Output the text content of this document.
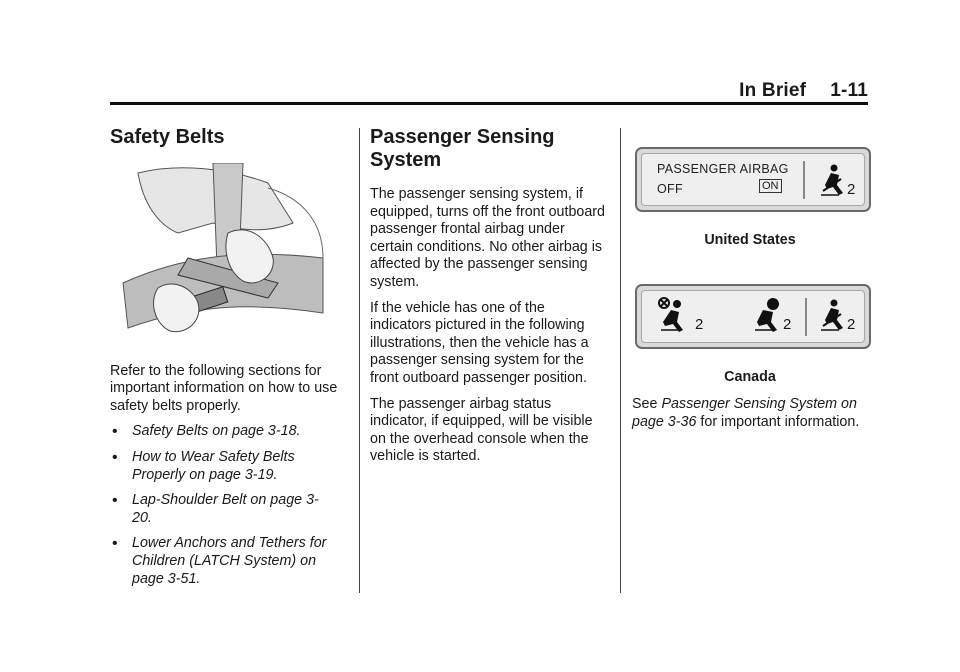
In Brief 1-11
Safety Belts

Refer to the following sections for important information on how to use safety belts properly.

• Safety Belts on page 3-18.
• How to Wear Safety Belts Properly on page 3-19.
• Lap-Shoulder Belt on page 3-20.
• Lower Anchors and Tethers for Children (LATCH System) on page 3-51.
Passenger Sensing System

The passenger sensing system, if equipped, turns off the front outboard passenger frontal airbag under certain conditions. No other airbag is affected by the passenger sensing system.

If the vehicle has one of the indicators pictured in the following illustrations, then the vehicle has a passenger sensing system for the front outboard passenger position.

The passenger airbag status indicator, if equipped, will be visible on the overhead console when the vehicle is started.

PASSENGER AIRBAG
OFF	ON	2
United States
2	2	2
Canada

See Passenger Sensing System on page 3-36 for important information.
